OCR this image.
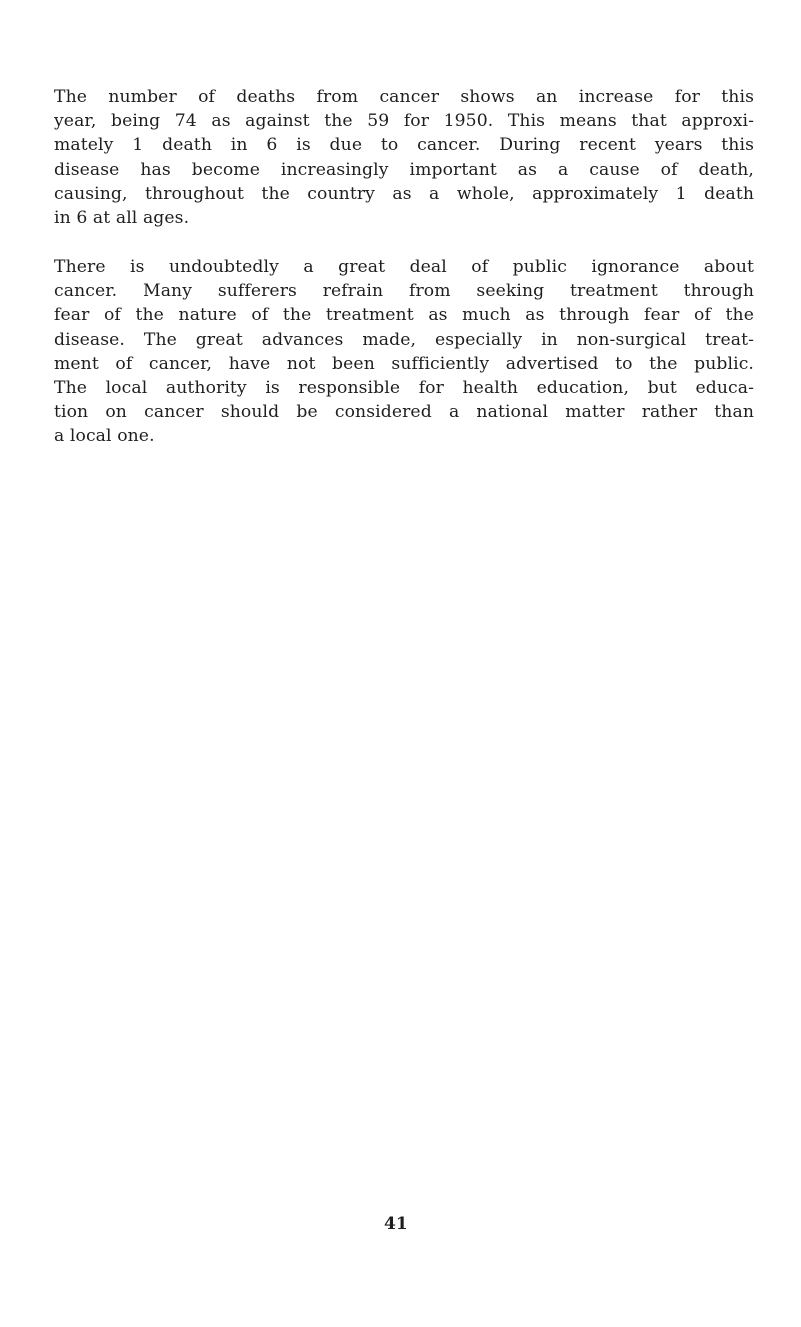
The number of deaths from cancer shows an increase for this
year, being 74 as against the 59 for 1950. This means that approxi-
mately 1 death in 6 is due to cancer. During recent years this
disease has become increasingly important as a cause of death,
causing, throughout the country as a whole, approximately 1 death
in 6 at all ages.

There is undoubtedly a great deal of public ignorance about
cancer. Many sufferers refrain from seeking treatment through
fear of the nature of the treatment as much as through fear of the
disease. The great advances made, especially in non-surgical treat-
ment of cancer, have not been sufficiently advertised to the public.
The local authority is responsible for health education, but educa-
tion on cancer should be considered a national matter rather than
a local one.

41
